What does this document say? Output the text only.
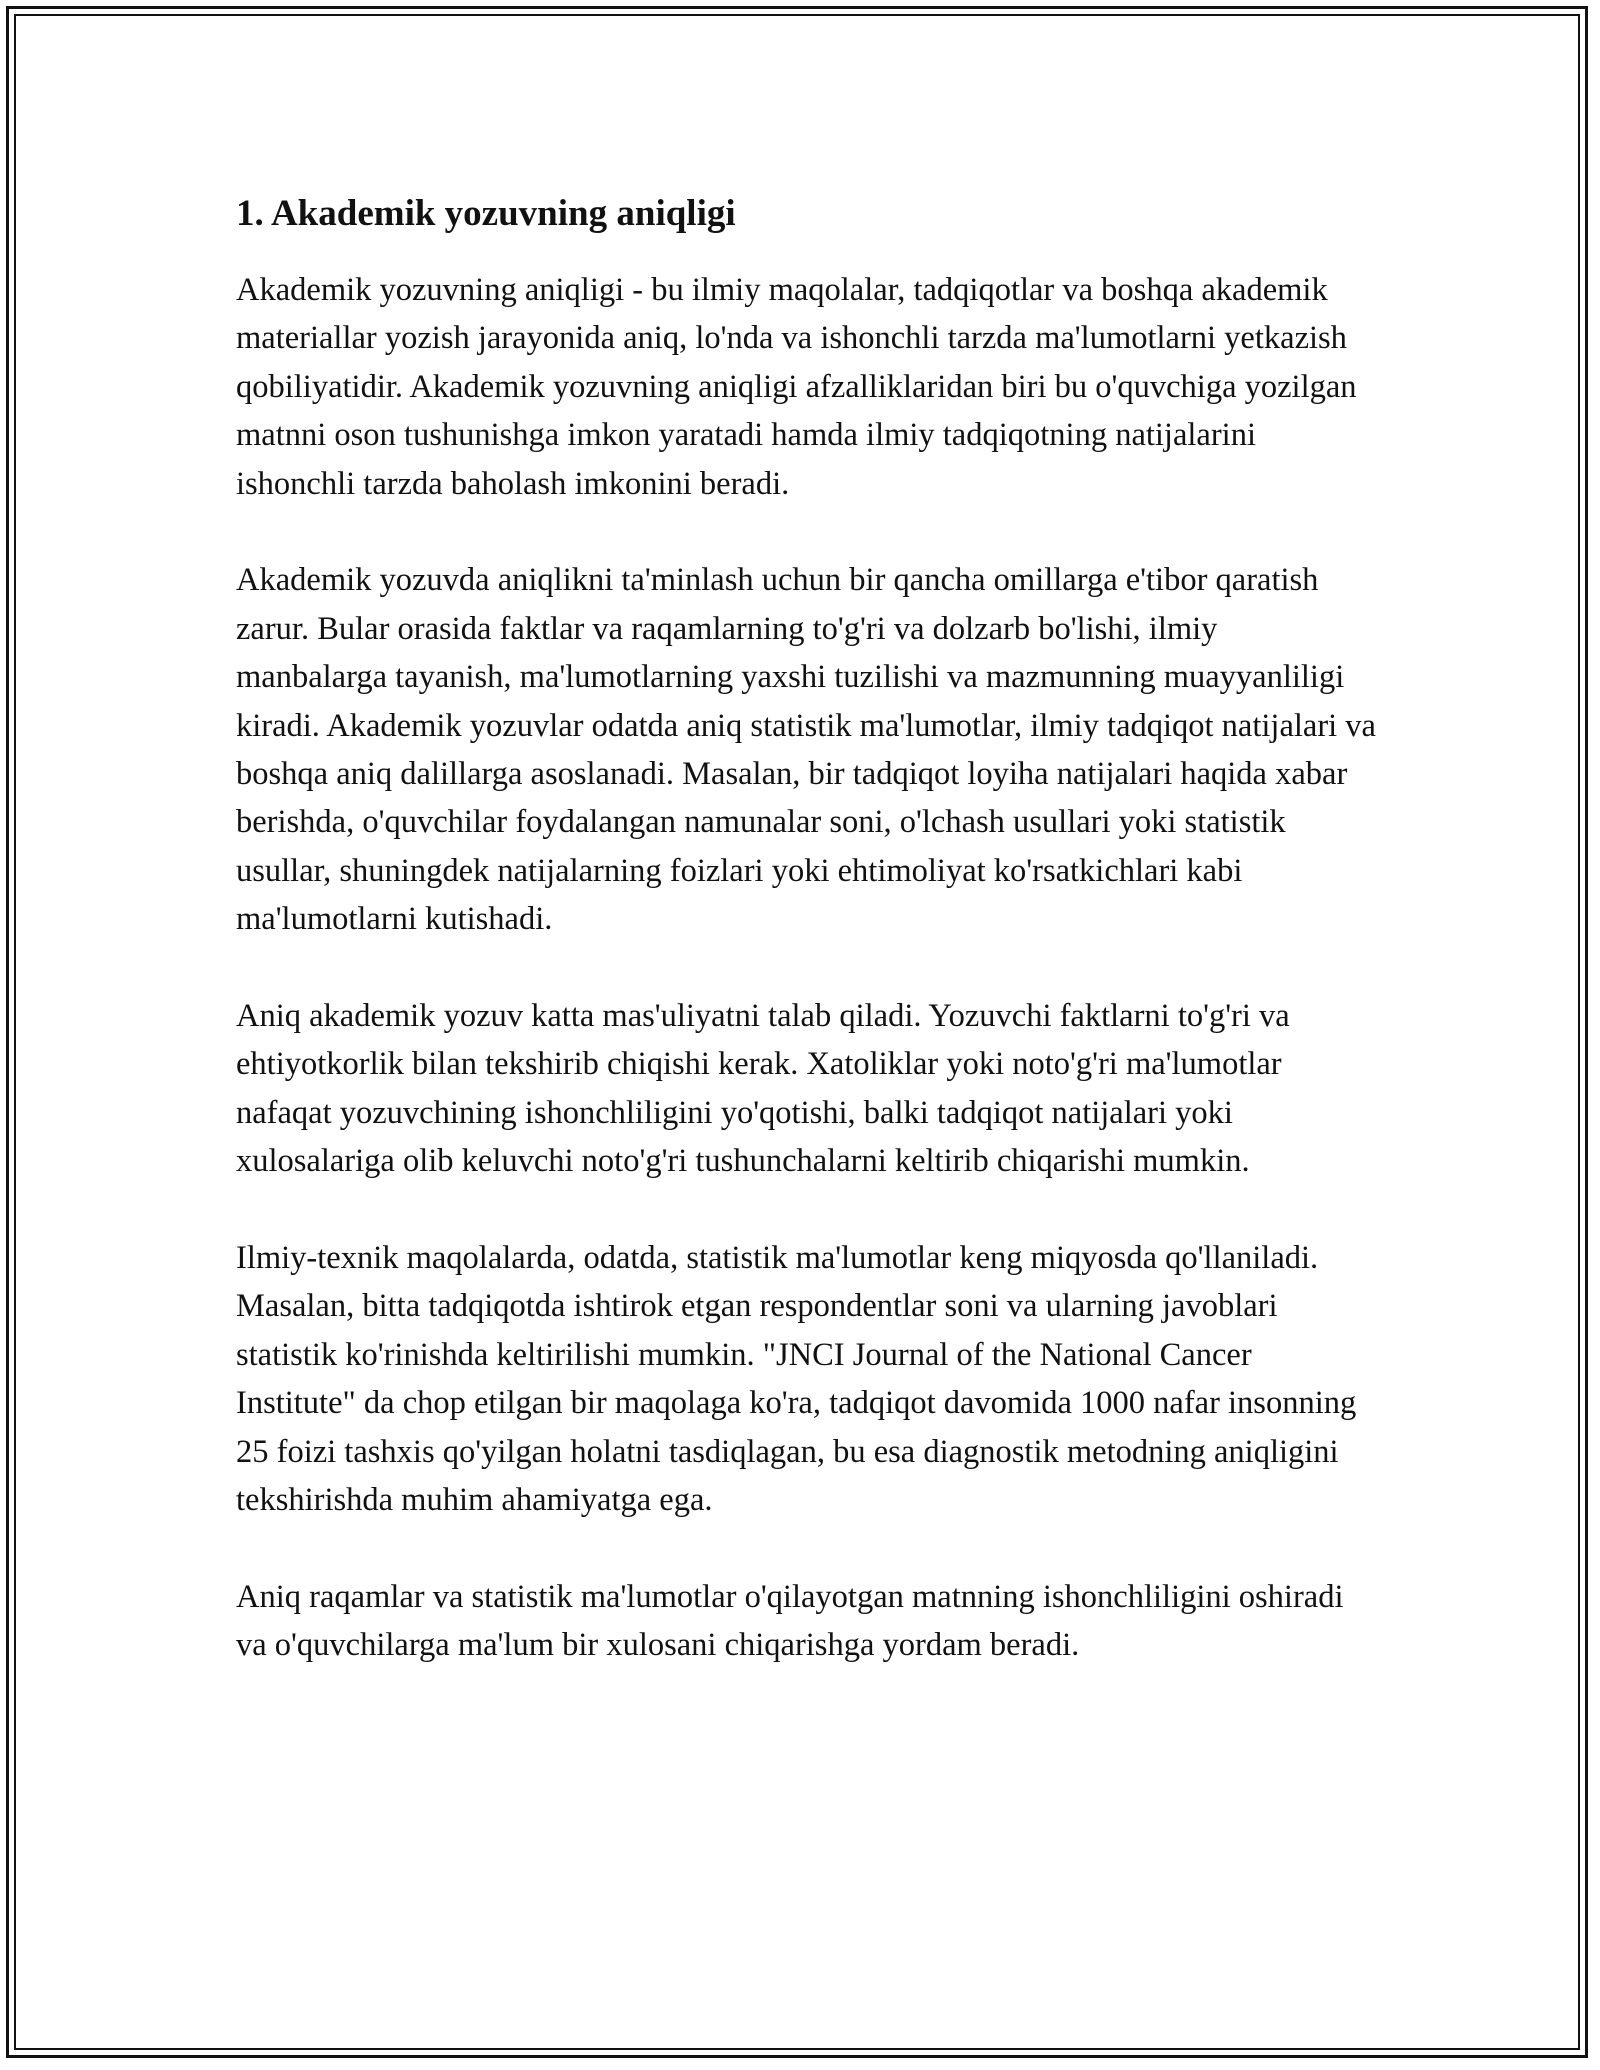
1. Akademik yozuvning aniqligi

Akademik yozuvning aniqligi - bu ilmiy maqolalar, tadqiqotlar va boshqa akademik materiallar yozish jarayonida aniq, lo'nda va ishonchli tarzda ma'lumotlarni yetkazish qobiliyatidir. Akademik yozuvning aniqligi afzalliklaridan biri bu o'quvchiga yozilgan matnni oson tushunishga imkon yaratadi hamda ilmiy tadqiqotning natijalarini ishonchli tarzda baholash imkonini beradi.

Akademik yozuvda aniqlikni ta'minlash uchun bir qancha omillarga e'tibor qaratish zarur. Bular orasida faktlar va raqamlarning to'g'ri va dolzarb bo'lishi, ilmiy manbalarga tayanish, ma'lumotlarning yaxshi tuzilishi va mazmunning muayyanliligi kiradi. Akademik yozuvlar odatda aniq statistik ma'lumotlar, ilmiy tadqiqot natijalari va boshqa aniq dalillarga asoslanadi. Masalan, bir tadqiqot loyiha natijalari haqida xabar berishda, o'quvchilar foydalangan namunalar soni, o'lchash usullari yoki statistik usullar, shuningdek natijalarning foizlari yoki ehtimoliyat ko'rsatkichlari kabi ma'lumotlarni kutishadi.

Aniq akademik yozuv katta mas'uliyatni talab qiladi. Yozuvchi faktlarni to'g'ri va ehtiyotkorlik bilan tekshirib chiqishi kerak. Xatoliklar yoki noto'g'ri ma'lumotlar nafaqat yozuvchining ishonchliligini yo'qotishi, balki tadqiqot natijalari yoki xulosalariga olib keluvchi noto'g'ri tushunchalarni keltirib chiqarishi mumkin.

Ilmiy-texnik maqolalarda, odatda, statistik ma'lumotlar keng miqyosda qo'llaniladi. Masalan, bitta tadqiqotda ishtirok etgan respondentlar soni va ularning javoblari statistik ko'rinishda keltirilishi mumkin. "JNCI Journal of the National Cancer Institute" da chop etilgan bir maqolaga ko'ra, tadqiqot davomida 1000 nafar insonning 25 foizi tashxis qo'yilgan holatni tasdiqlagan, bu esa diagnostik metodning aniqligini tekshirishda muhim ahamiyatga ega.

Aniq raqamlar va statistik ma'lumotlar o'qilayotgan matnning ishonchliligini oshiradi va o'quvchilarga ma'lum bir xulosani chiqarishga yordam beradi.
